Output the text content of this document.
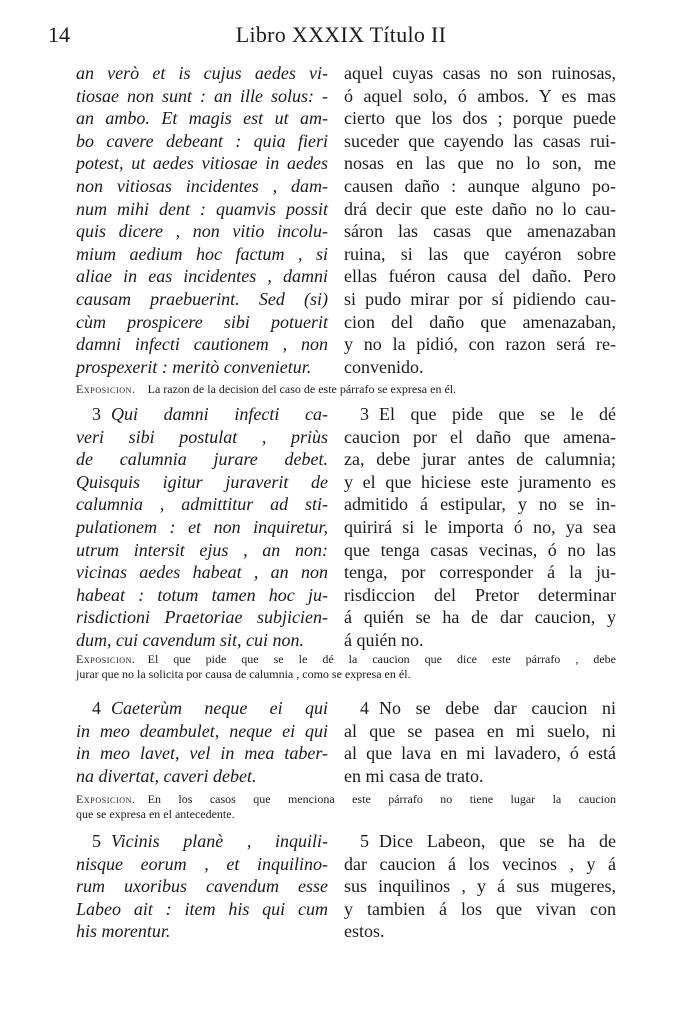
14	Libro XXXIX Título II
an verò et is cujus aedes vi-
tiosae non sunt : an ille solus: -
an ambo. Et magis est ut am-
bo cavere debeant : quia fieri
potest, ut aedes vitiosae in aedes
non vitiosas incidentes , dam-
num mihi dent : quamvis possit
quis dicere , non vitio incolu-
mium aedium hoc factum , si
aliae in eas incidentes , damni
causam praebuerint. Sed (si)
cùm prospicere sibi potuerit
damni infecti cautionem , non
prospexerit : meritò convenietur.
aquel cuyas casas no son ruinosas,
ó aquel solo, ó ambos. Y es mas
cierto que los dos ; porque puede
suceder que cayendo las casas rui-
nosas en las que no lo son, me
causen daño : aunque alguno po-
drá decir que este daño no lo cau-
sáron las casas que amenazaban
ruina, si las que cayéron sobre
ellas fuéron causa del daño. Pero
si pudo mirar por sí pidiendo cau-
cion del daño que amenazaban,
y no la pidió, con razon será re-
convenido.
Exposicion.  La razon de la decision del caso de este párrafo se expresa en él.
3 Qui damni infecti ca-
veri sibi postulat , priùs
de calumnia jurare debet.
Quisquis igitur juraverit de
calumnia , admittitur ad sti-
pulationem : et non inquiretur,
utrum intersit ejus , an non:
vicinas aedes habeat , an non
habeat : totum tamen hoc ju-
risdictioni Praetoriae subjicien-
dum, cui cavendum sit, cui non.
3 El que pide que se le dé
caucion por el daño que amena-
za, debe jurar antes de calumnia;
y el que hiciese este juramento es
admitido á estipular, y no se in-
quirirá si le importa ó no, ya sea
que tenga casas vecinas, ó no las
tenga, por corresponder á la ju-
risdiccion del Pretor determinar
á quién se ha de dar caucion, y
á quién no.
Exposicion.  El que pide que se le dé la caucion que dice este párrafo , debe
jurar que no la solicita por causa de calumnia , como se expresa en él.
4 Caeterùm neque ei qui
in meo deambulet, neque ei qui
in meo lavet, vel in mea taber-
na divertat, caveri debet.
4 No se debe dar caucion ni
al que se pasea en mi suelo, ni
al que lava en mi lavadero, ó está
en mi casa de trato.
Exposicion.  En los casos que menciona este párrafo no tiene lugar la caucion
que se expresa en el antecedente.
5 Vicinis planè , inquili-
nisque eorum , et inquilino-
rum uxoribus cavendum esse
Labeo ait : item his qui cum
his morentur.
5 Dice Labeon, que se ha de
dar caucion á los vecinos , y á
sus inquilinos , y á sus mugeres,
y tambien á los que vivan con
estos.
